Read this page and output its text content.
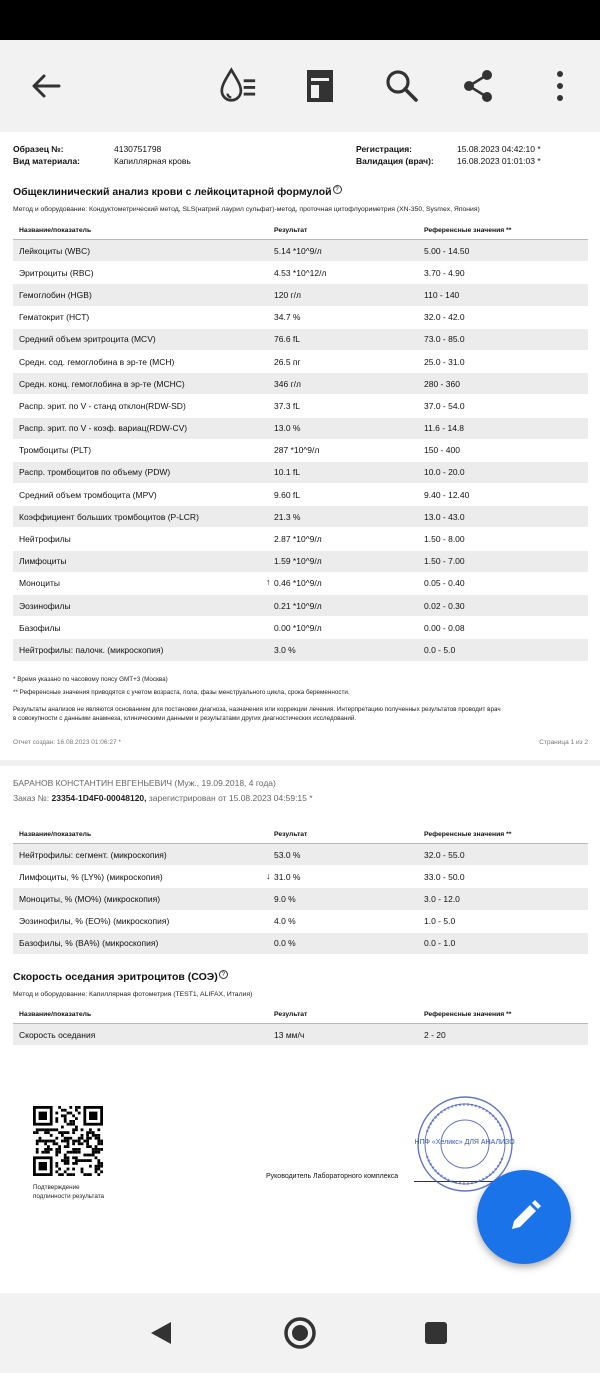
Образец №:	4130751798
Вид материала:	Капиллярная кровь
Регистрация:	15.08.2023 04:42:10 *
Валидация (врач):	16.08.2023 01:01:03 *
Общеклинический анализ крови с лейкоцитарной формулой ?
Метод и оборудование: Кондуктометрический метод, SLS(натрий лаурил сульфат)-метод, проточная цитофлуориметрия (XN-350, Sysmex, Япония)
Название/показатель	Результат	Референсные значения **
Лейкоциты (WBC)	5.14 *10^9/л	5.00 - 14.50
Эритроциты (RBC)	4.53 *10^12/л	3.70 - 4.90
Гемоглобин (HGB)	120 г/л	110 - 140
Гематокрит (HCT)	34.7 %	32.0 - 42.0
Средний объем эритроцита (MCV)	76.6 fL	73.0 - 85.0
Средн. сод. гемоглобина в эр-те (MCH)	26.5 пг	25.0 - 31.0
Средн. конц. гемоглобина в эр-те (MCHC)	346 г/л	280 - 360
Распр. эрит. по V - станд отклон(RDW-SD)	37.3 fL	37.0 - 54.0
Распр. эрит. по V - коэф. вариац(RDW-CV)	13.0 %	11.6 - 14.8
Тромбоциты (PLT)	287 *10^9/л	150 - 400
Распр. тромбоцитов по объему (PDW)	10.1 fL	10.0 - 20.0
Средний объем тромбоцита (MPV)	9.60 fL	9.40 - 12.40
Коэффициент больших тромбоцитов (P-LCR)	21.3 %	13.0 - 43.0
Нейтрофилы	2.87 *10^9/л	1.50 - 8.00
Лимфоциты	1.59 *10^9/л	1.50 - 7.00
Моноциты	↑ 0.46 *10^9/л	0.05 - 0.40
Эозинофилы	0.21 *10^9/л	0.02 - 0.30
Базофилы	0.00 *10^9/л	0.00 - 0.08
Нейтрофилы: палочк. (микроскопия)	3.0 %	0.0 - 5.0
* Время указано по часовому поясу GMT+3 (Москва)
** Референсные значения приводятся с учетом возраста, пола, фазы менструального цикла, срока беременности.
Результаты анализов не являются основанием для постановки диагноза, назначения или коррекции лечения. Интерпретацию полученных результатов проводит врач
в совокупности с данными анамнеза, клиническими данными и результатами других диагностических исследований.
Отчет создан: 16.08.2023 01:06:27 *	Страница 1 из 2
БАРАНОВ КОНСТАНТИН ЕВГЕНЬЕВИЧ (Муж., 19.09.2018, 4 года)
Заказ №: 23354-1D4F0-00048120, зарегистрирован от 15.08.2023 04:59:15 *
Название/показатель	Результат	Референсные значения **
Нейтрофилы: сегмент. (микроскопия)	53.0 %	32.0 - 55.0
Лимфоциты, % (LY%) (микроскопия)	↓ 31.0 %	33.0 - 50.0
Моноциты, % (MO%) (микроскопия)	9.0 %	3.0 - 12.0
Эозинофилы, % (EO%) (микроскопия)	4.0 %	1.0 - 5.0
Базофилы, % (BA%) (микроскопия)	0.0 %	0.0 - 1.0
Скорость оседания эритроцитов (СОЭ) ?
Метод и оборудование: Капиллярная фотометрия (TEST1, ALIFAX, Италия)
Название/показатель	Результат	Референсные значения **
Скорость оседания	13 мм/ч	2 - 20
Подтверждение
подлинности результата
Руководитель Лабораторного комплекса
«НПФ «Хеликс» ДЛЯ АНАЛИЗОВ
